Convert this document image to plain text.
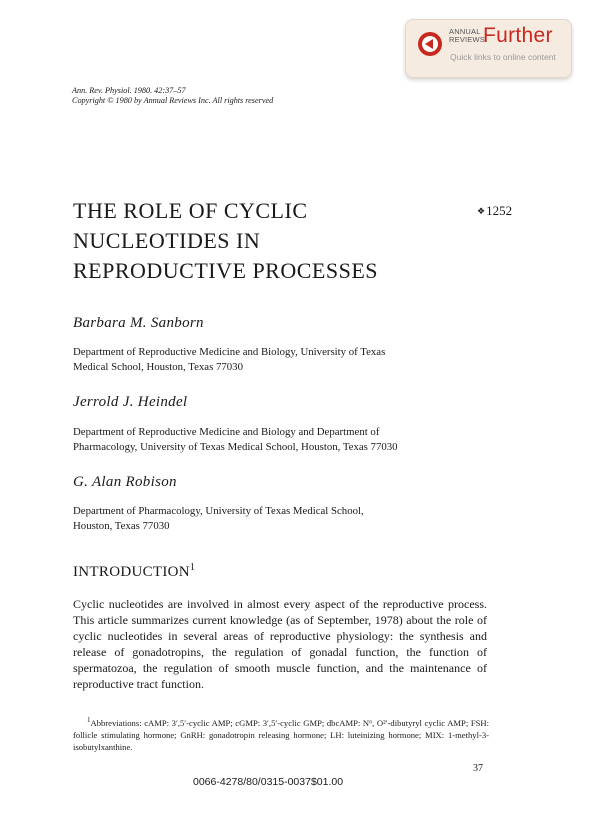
ANNUAL
REVIEWS
Further
Quick links to online content
Ann. Rev. Physiol. 1980. 42:37–57
Copyright © 1980 by Annual Reviews Inc. All rights reserved
THE ROLE OF CYCLIC
NUCLEOTIDES IN
REPRODUCTIVE PROCESSES
❖1252
Barbara M. Sanborn
Department of Reproductive Medicine and Biology, University of Texas
Medical School, Houston, Texas 77030
Jerrold J. Heindel
Department of Reproductive Medicine and Biology and Department of
Pharmacology, University of Texas Medical School, Houston, Texas 77030
G. Alan Robison
Department of Pharmacology, University of Texas Medical School,
Houston, Texas 77030
INTRODUCTION$^1$
Cyclic nucleotides are involved in almost every aspect of the reproductive process. This article summarizes current knowledge (as of September, 1978) about the role of cyclic nucleotides in several areas of reproductive physiology: the synthesis and release of gonadotropins, the regulation of gonadal function, the function of spermatozoa, the regulation of smooth muscle function, and the maintenance of reproductive tract function.
$^1$Abbreviations: cAMP: 3′,5′-cyclic AMP; cGMP: 3′,5′-cyclic GMP; dbcAMP: N⁶, O²′-dibutyryl cyclic AMP; FSH: follicle stimulating hormone; GnRH: gonadotropin releasing hormone; LH: luteinizing hormone; MIX: 1-methyl-3-isobutylxanthine.
37
0066-4278/80/0315-0037$01.00
